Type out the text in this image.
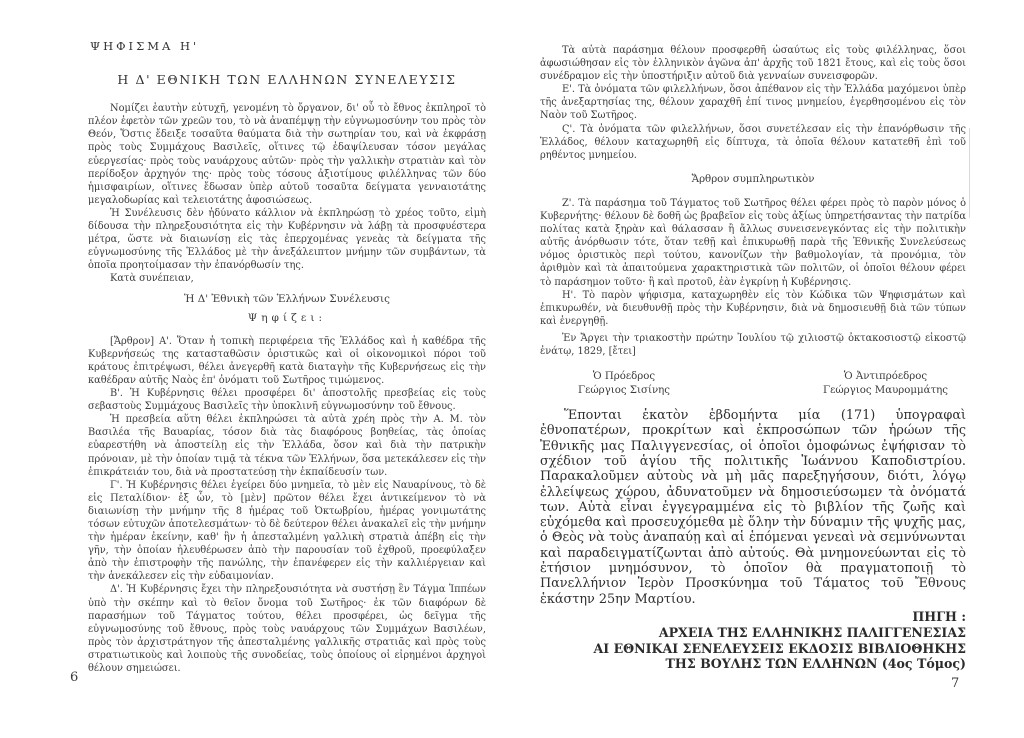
ΨΗΦΙΣΜΑ Η'
Η Δ' ΕΘΝΙΚΗ ΤΩΝ ΕΛΛΗΝΩΝ ΣΥΝΕΛΕΥΣΙΣ

Νομίζει ἑαυτὴν εὐτυχῆ, γενομένη τὸ ὄργανον, δι' οὗ τὸ ἔθνος ἐκπληροῖ τὸ πλέον ἐφετὸν τῶν χρεῶν του, τὸ νὰ ἀναπέμψῃ τὴν εὐγνωμοσύνην του πρὸς τὸν Θεόν, Ὅστις ἔδειξε τοσαῦτα θαύματα διὰ τὴν σωτηρίαν του, καὶ νὰ ἐκφράσῃ πρὸς τοὺς Συμμάχους Βασιλεῖς, οἵτινες τῷ ἐδαψίλευσαν τόσον μεγάλας εὐεργεσίας· πρὸς τοὺς ναυάρχους αὐτῶν· πρὸς τὴν γαλλικὴν στρατιὰν καὶ τὸν περίδοξον ἀρχηγόν της· πρὸς τοὺς τόσους ἀξιοτίμους φιλέλληνας τῶν δύο ἡμισφαιρίων, οἵτινες ἔδωσαν ὑπὲρ αὐτοῦ τοσαῦτα δείγματα γενναιοτάτης μεγαλοδωρίας καὶ τελειοτάτης ἀφοσιώσεως.

Ἡ Συνέλευσις δὲν ἠδύνατο κάλλιον νὰ ἐκπληρώσῃ τὸ χρέος τοῦτο, εἰμὴ δίδουσα τὴν πληρεξουσιότητα εἰς τὴν Κυβέρνησιν νὰ λάβῃ τὰ προσφυέστερα μέτρα, ὥστε νὰ διαιωνίσῃ εἰς τὰς ἐπερχομένας γενεὰς τὰ δείγματα τῆς εὐγνωμοσύνης τῆς Ἑλλάδος μὲ τὴν ἀνεξάλειπτον μνήμην τῶν συμβάντων, τὰ ὁποῖα προητοίμασαν τὴν ἐπανόρθωσίν της.

Κατὰ συνέπειαν,

Ἡ Δ' Ἐθνικὴ τῶν Ἑλλήνων Συνέλευσις
Ψηφίζει:

[Ἄρθρον] Α'. Ὅταν ἡ τοπικὴ περιφέρεια τῆς Ἑλλάδος καὶ ἡ καθέδρα τῆς Κυβερνήσεώς της κατασταθῶσιν ὁριστικῶς καὶ οἱ οἰκονομικοὶ πόροι τοῦ κράτους ἐπιτρέψωσι, θέλει ἀνεγερθῆ κατὰ διαταγὴν τῆς Κυβερνήσεως εἰς τὴν καθέδραν αὐτῆς Ναὸς ἐπ' ὀνόματι τοῦ Σωτῆρος τιμώμενος.

Β'. Ἡ Κυβέρνησις θέλει προσφέρει δι' ἀποστολῆς πρεσβείας εἰς τοὺς σεβαστοὺς Συμμάχους Βασιλεῖς τὴν ὑποκλινῆ εὐγνωμοσύνην τοῦ ἔθνους.

Ἡ πρεσβεία αὕτη θέλει ἐκπληρώσει τὰ αὐτὰ χρέη πρὸς τὴν Α. Μ. τὸν Βασιλέα τῆς Βαυαρίας, τόσον διὰ τὰς διαφόρους βοηθείας, τὰς ὁποίας εὐαρεστήθη νὰ ἀποστείλῃ εἰς τὴν Ἑλλάδα, ὅσον καὶ διὰ τὴν πατρικὴν πρόνοιαν, μὲ τὴν ὁποίαν τιμᾷ τὰ τέκνα τῶν Ἑλλήνων, ὅσα μετεκάλεσεν εἰς τὴν ἐπικράτειάν του, διὰ νὰ προστατεύσῃ τὴν ἐκπαίδευσίν των.

Γ'. Ἡ Κυβέρνησις θέλει ἐγείρει δύο μνημεῖα, τὸ μὲν εἰς Ναυαρίνους, τὸ δὲ εἰς Πεταλίδιον· ἐξ ὧν, τὸ [μὲν] πρῶτον θέλει ἔχει ἀντικείμενον τὸ νὰ διαιωνίσῃ τὴν μνήμην τῆς 8 ἡμέρας τοῦ Ὀκτωβρίου, ἡμέρας γονιμωτάτης τόσων εὐτυχῶν ἀποτελεσμάτων· τὸ δὲ δεύτερον θέλει ἀνακαλεῖ εἰς τὴν μνήμην τὴν ἡμέραν ἐκείνην, καθ' ἣν ἡ ἀπεσταλμένη γαλλικὴ στρατιὰ ἀπέβη εἰς τὴν γῆν, τὴν ὁποίαν ἠλευθέρωσεν ἀπὸ τὴν παρουσίαν τοῦ ἐχθροῦ, προεφύλαξεν ἀπὸ τὴν ἐπιστροφὴν τῆς πανώλης, τὴν ἐπανέφερεν εἰς τὴν καλλιέργειαν καὶ τὴν ἀνεκάλεσεν εἰς τὴν εὐδαιμονίαν.

Δ'. Ἡ Κυβέρνησις ἔχει τὴν πληρεξουσιότητα νὰ συστήσῃ ἓν Τάγμα Ἱππέων ὑπὸ τὴν σκέπην καὶ τὸ θεῖον ὄνομα τοῦ Σωτῆρος· ἐκ τῶν διαφόρων δὲ παρασήμων τοῦ Τάγματος τούτου, θέλει προσφέρει, ὡς δεῖγμα τῆς εὐγνωμοσύνης τοῦ ἔθνους, πρὸς τοὺς ναυάρχους τῶν Συμμάχων Βασιλέων, πρὸς τὸν ἀρχιστράτηγον τῆς ἀπεσταλμένης γαλλικῆς στρατιᾶς καὶ πρὸς τοὺς στρατιωτικοὺς καὶ λοιποὺς τῆς συνοδείας, τοὺς ὁποίους οἱ εἰρημένοι ἀρχηγοὶ θέλουν σημειώσει.

Τὰ αὐτὰ παράσημα θέλουν προσφερθῆ ὡσαύτως εἰς τοὺς φιλέλληνας, ὅσοι ἀφωσιώθησαν εἰς τὸν ἑλληνικὸν ἀγῶνα ἀπ' ἀρχῆς τοῦ 1821 ἔτους, καὶ εἰς τοὺς ὅσοι συνέδραμον εἰς τὴν ὑποστήριξιν αὐτοῦ διὰ γενναίων συνεισφορῶν.

Ε'. Τὰ ὀνόματα τῶν φιλελλήνων, ὅσοι ἀπέθανον εἰς τὴν Ἑλλάδα μαχόμενοι ὑπὲρ τῆς ἀνεξαρτησίας της, θέλουν χαραχθῆ ἐπί τινος μνημείου, ἐγερθησομένου εἰς τὸν Ναὸν τοῦ Σωτῆρος.

Ϛ'. Τὰ ὀνόματα τῶν φιλελλήνων, ὅσοι συνετέλεσαν εἰς τὴν ἐπανόρθωσιν τῆς Ἑλλάδος, θέλουν καταχωρηθῆ εἰς δίπτυχα, τὰ ὁποῖα θέλουν κατατεθῆ ἐπὶ τοῦ ρηθέντος μνημείου.

Ἄρθρον συμπληρωτικὸν

Ζ'. Τὰ παράσημα τοῦ Τάγματος τοῦ Σωτῆρος θέλει φέρει πρὸς τὸ παρὸν μόνος ὁ Κυβερνήτης· θέλουν δὲ δοθῆ ὡς βραβεῖον εἰς τοὺς ἀξίως ὑπηρετήσαντας τὴν πατρίδα πολίτας κατὰ ξηρὰν καὶ θάλασσαν ἢ ἄλλως συνεισενεγκόντας εἰς τὴν πολιτικὴν αὐτῆς ἀνόρθωσιν τότε, ὅταν τεθῇ καὶ ἐπικυρωθῇ παρὰ τῆς Ἐθνικῆς Συνελεύσεως νόμος ὁριστικὸς περὶ τούτου, κανονίζων τὴν βαθμολογίαν, τὰ προνόμια, τὸν ἀριθμὸν καὶ τὰ ἀπαιτούμενα χαρακτηριστικὰ τῶν πολιτῶν, οἱ ὁποῖοι θέλουν φέρει τὸ παράσημον τοῦτο· ἢ καὶ προτοῦ, ἐὰν ἐγκρίνῃ ἡ Κυβέρνησις.

Η'. Τὸ παρὸν ψήφισμα, καταχωρηθὲν εἰς τὸν Κώδικα τῶν Ψηφισμάτων καὶ ἐπικυρωθέν, νὰ διευθυνθῇ πρὸς τὴν Κυβέρνησιν, διὰ νὰ δημοσιευθῇ διὰ τῶν τύπων καὶ ἐνεργηθῇ.

Ἐν Ἄργει τὴν τριακοστὴν πρώτην Ἰουλίου τῷ χιλιοστῷ ὀκτακοσιοστῷ εἰκοστῷ ἐνάτῳ, 1829, [ἔτει]

Ὁ Πρόεδρος
Γεώργιος Σισίνης
Ὁ Ἀντιπρόεδρος
Γεώργιος Μαυρομμάτης

Ἕπονται ἑκατὸν ἑβδομήντα μία (171) ὑπογραφαὶ ἐθνοπατέρων, προκρίτων καὶ ἐκπροσώπων τῶν ἡρώων τῆς Ἐθνικῆς μας Παλιγγενεσίας, οἱ ὁποῖοι ὁμοφώνως ἐψήφισαν τὸ σχέδιον τοῦ ἁγίου τῆς πολιτικῆς Ἰωάννου Καποδιστρίου. Παρακαλοῦμεν αὐτοὺς νὰ μὴ μᾶς παρεξηγήσουν, διότι, λόγῳ ἐλλείψεως χώρου, ἀδυνατοῦμεν νὰ δημοσιεύσωμεν τὰ ὀνόματά των. Αὐτὰ εἶναι ἐγγεγραμμένα εἰς τὸ βιβλίον τῆς ζωῆς καὶ εὐχόμεθα καὶ προσευχόμεθα μὲ ὅλην τὴν δύναμιν τῆς ψυχῆς μας, ὁ Θεὸς νὰ τοὺς ἀναπαύῃ καὶ αἱ ἑπόμεναι γενεαὶ νὰ σεμνύνωνται καὶ παραδειγματίζωνται ἀπὸ αὐτούς. Θὰ μνημονεύωνται εἰς τὸ ἐτήσιον μνημόσυνον, τὸ ὁποῖον θὰ πραγματοποιῇ τὸ Πανελλήνιον Ἱερὸν Προσκύνημα τοῦ Τάματος τοῦ Ἔθνους ἑκάστην 25ην Μαρτίου.

ΠΗΓΗ :
ΑΡΧΕΙΑ ΤΗΣ ΕΛΛΗΝΙΚΗΣ ΠΑΛΙΓΓΕΝΕΣΙΑΣ
ΑΙ ΕΘΝΙΚΑΙ ΣΕΝΕΛΕΥΣΕΙΣ ΕΚΔΟΣΙΣ ΒΙΒΛΙΟΘΗΚΗΣ
ΤΗΣ ΒΟΥΛΗΣ ΤΩΝ ΕΛΛΗΝΩΝ (4ος Τόμος)
6	7
